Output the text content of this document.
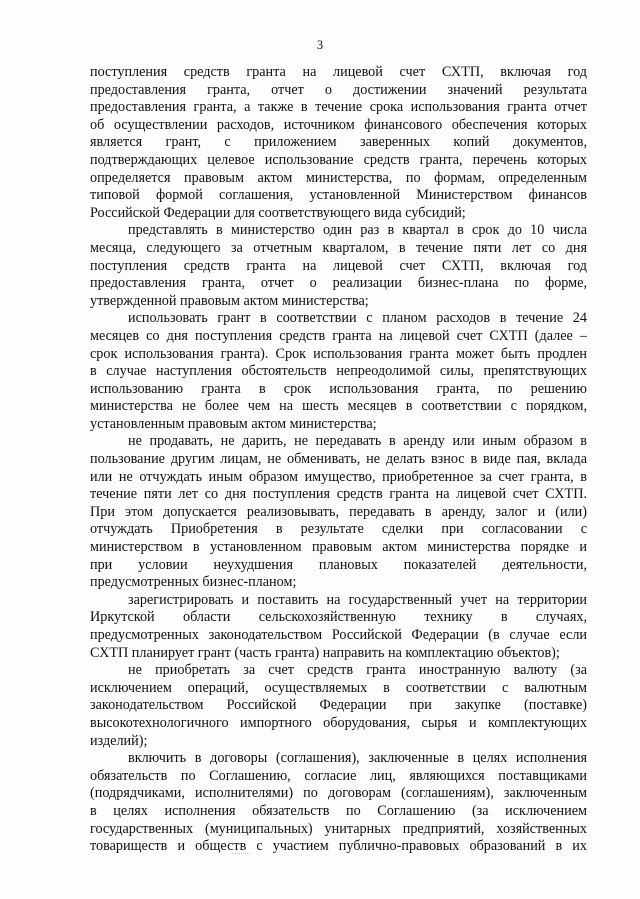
3
поступления средств гранта на лицевой счет СХТП, включая год
предоставления гранта, отчет о достижении значений результата
предоставления гранта, а также в течение срока использования гранта отчет
об осуществлении расходов, источником финансового обеспечения которых
является грант, с приложением заверенных копий документов,
подтверждающих целевое использование средств гранта, перечень которых
определяется правовым актом министерства, по формам, определенным
типовой формой соглашения, установленной Министерством финансов
Российской Федерации для соответствующего вида субсидий;
представлять в министерство один раз в квартал в срок до 10 числа
месяца, следующего за отчетным кварталом, в течение пяти лет со дня
поступления средств гранта на лицевой счет СХТП, включая год
предоставления гранта, отчет о реализации бизнес-плана по форме,
утвержденной правовым актом министерства;
использовать грант в соответствии с планом расходов в течение 24
месяцев со дня поступления средств гранта на лицевой счет СХТП (далее –
срок использования гранта). Срок использования гранта может быть продлен
в случае наступления обстоятельств непреодолимой силы, препятствующих
использованию гранта в срок использования гранта, по решению
министерства не более чем на шесть месяцев в соответствии с порядком,
установленным правовым актом министерства;
не продавать, не дарить, не передавать в аренду или иным образом в
пользование другим лицам, не обменивать, не делать взнос в виде пая, вклада
или не отчуждать иным образом имущество, приобретенное за счет гранта, в
течение пяти лет со дня поступления средств гранта на лицевой счет СХТП.
При этом допускается реализовывать, передавать в аренду, залог и (или)
отчуждать Приобретения в результате сделки при согласовании с
министерством в установленном правовым актом министерства порядке и
при условии неухудшения плановых показателей деятельности,
предусмотренных бизнес-планом;
зарегистрировать и поставить на государственный учет на территории
Иркутской области сельскохозяйственную технику в случаях,
предусмотренных законодательством Российской Федерации (в случае если
СХТП планирует грант (часть гранта) направить на комплектацию объектов);
не приобретать за счет средств гранта иностранную валюту (за
исключением операций, осуществляемых в соответствии с валютным
законодательством Российской Федерации при закупке (поставке)
высокотехнологичного импортного оборудования, сырья и комплектующих
изделий);
включить в договоры (соглашения), заключенные в целях исполнения
обязательств по Соглашению, согласие лиц, являющихся поставщиками
(подрядчиками, исполнителями) по договорам (соглашениям), заключенным
в целях исполнения обязательств по Соглашению (за исключением
государственных (муниципальных) унитарных предприятий, хозяйственных
товариществ и обществ с участием публично-правовых образований в их
